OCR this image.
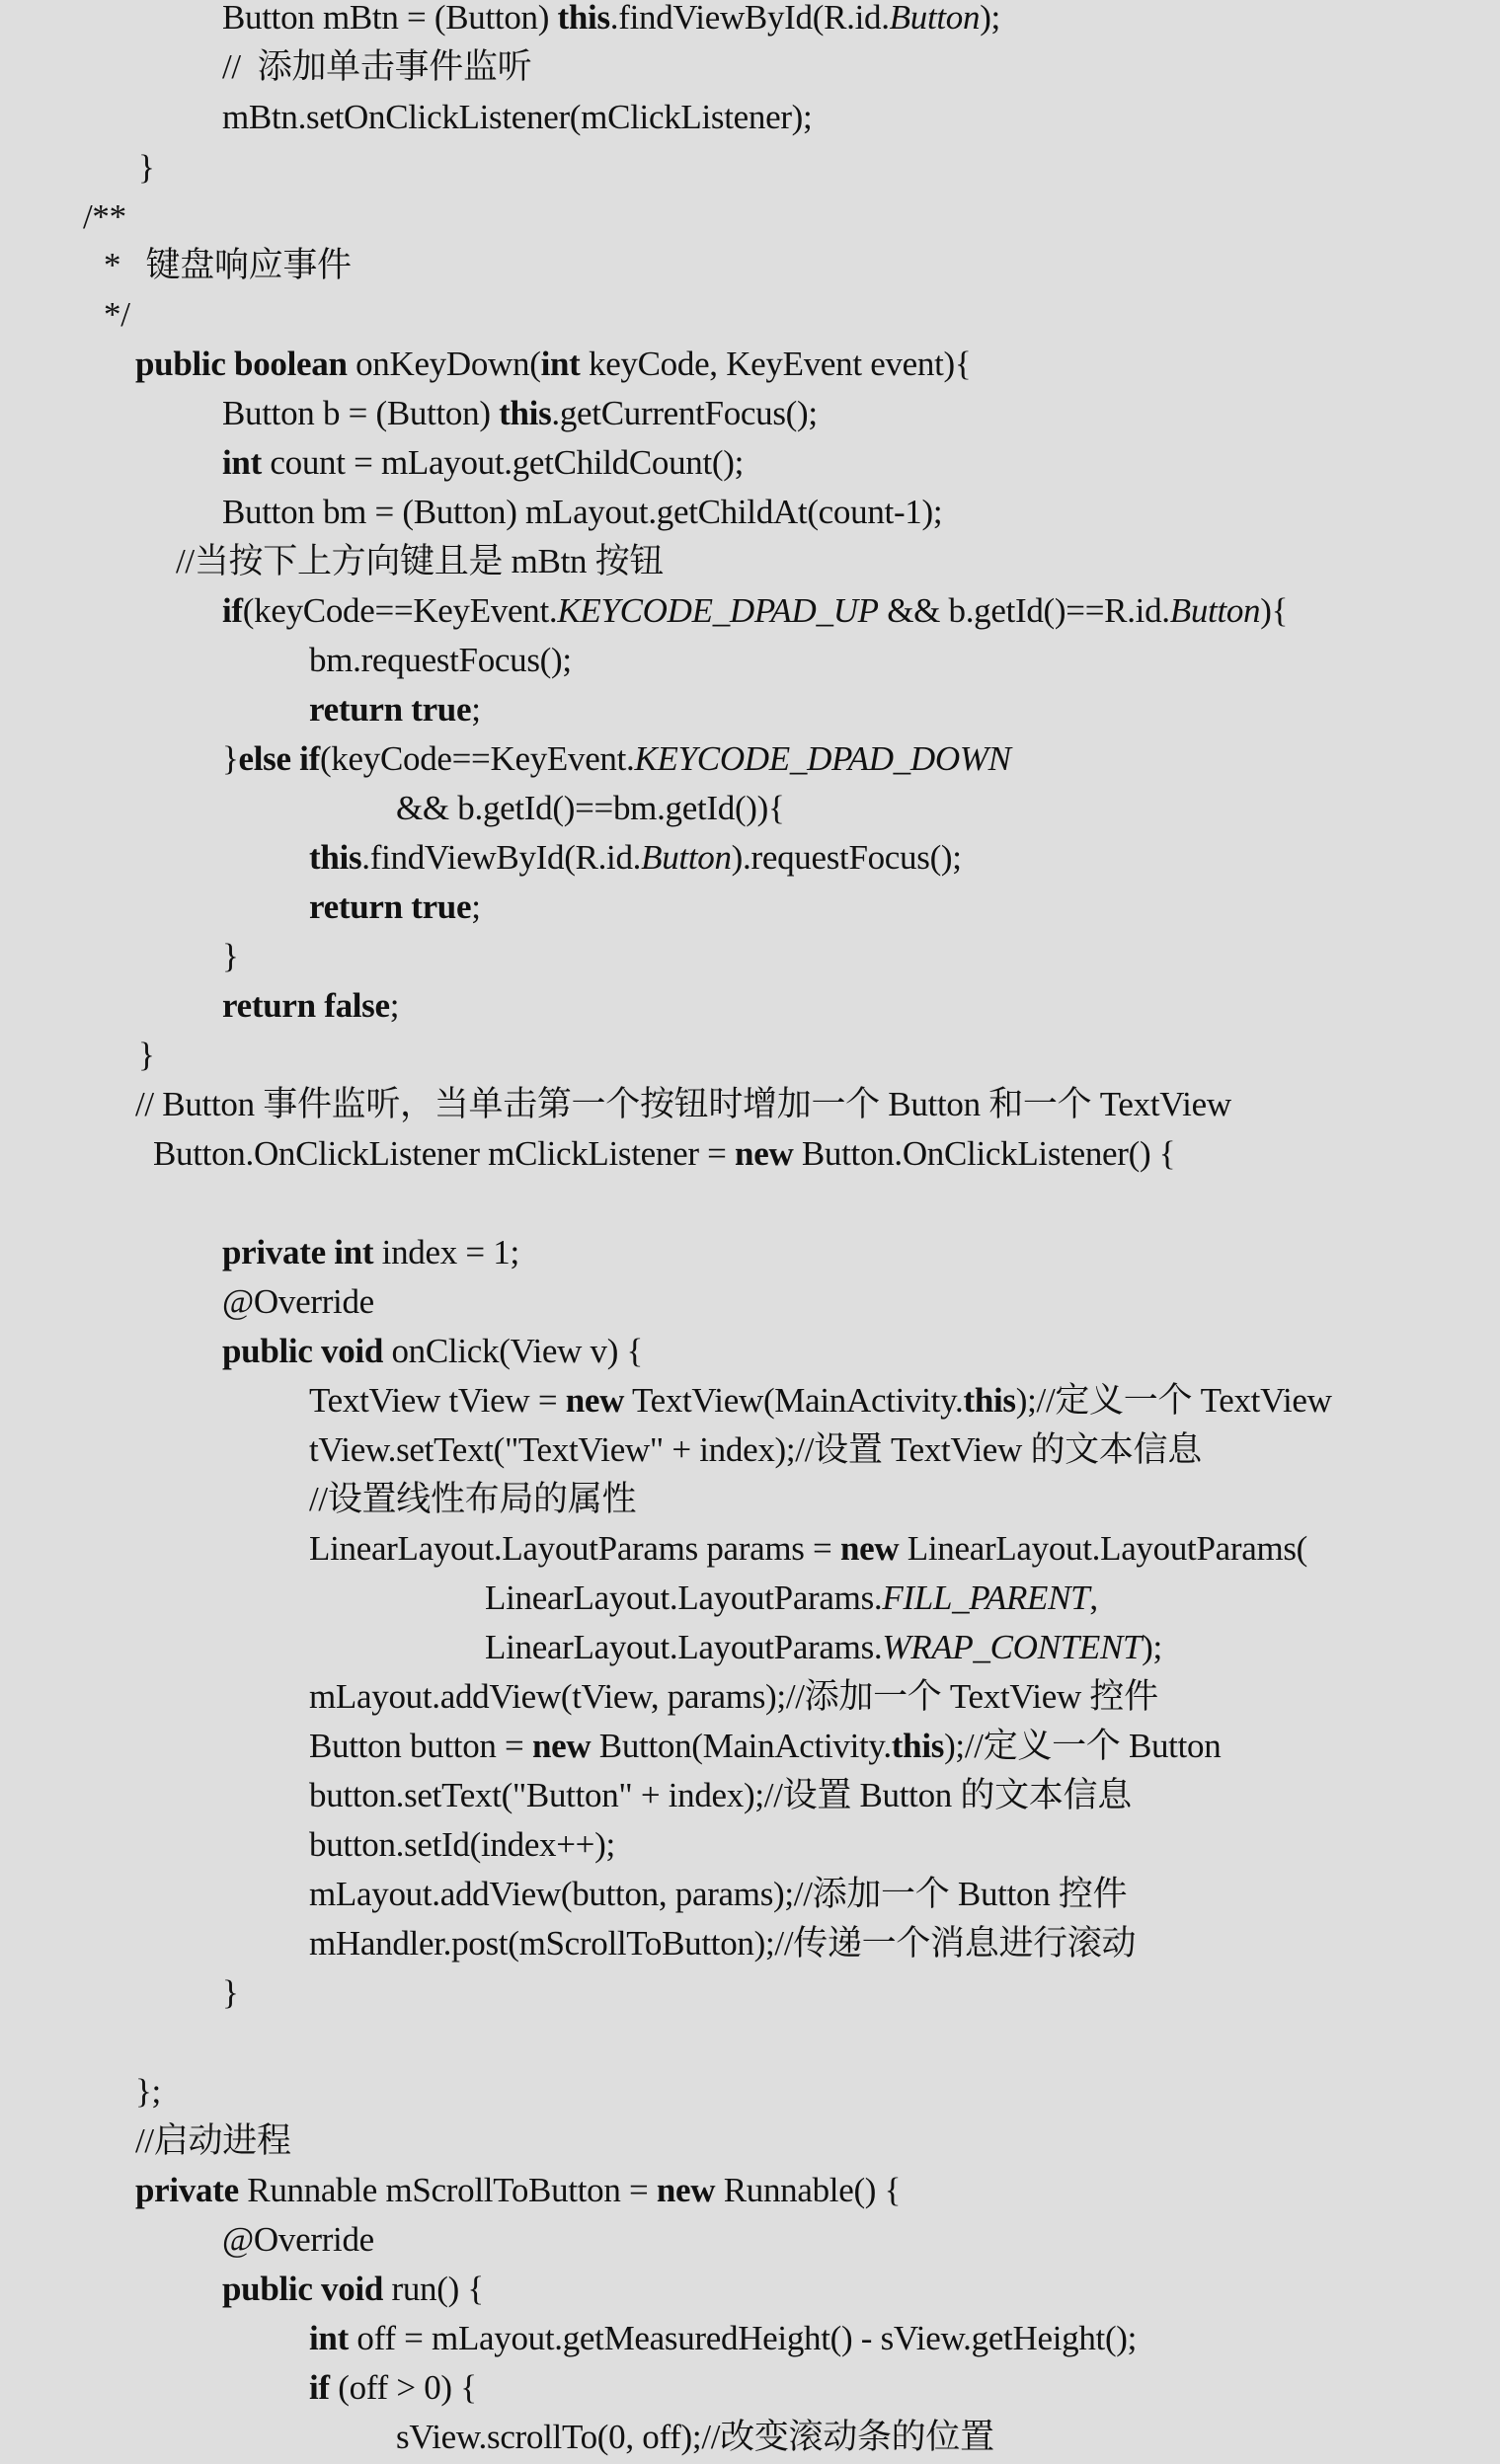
Button mBtn = (Button) this.findViewById(R.id.Button);
//  添加单击事件监听
mBtn.setOnClickListener(mClickListener);
}
/**
*   键盘响应事件
*/
public boolean onKeyDown(int keyCode, KeyEvent event){
Button b = (Button) this.getCurrentFocus();
int count = mLayout.getChildCount();
Button bm = (Button) mLayout.getChildAt(count-1);
//当按下上方向键且是 mBtn 按钮
if(keyCode==KeyEvent.KEYCODE_DPAD_UP && b.getId()==R.id.Button){
bm.requestFocus();
return true;
}else if(keyCode==KeyEvent.KEYCODE_DPAD_DOWN
&& b.getId()==bm.getId()){
this.findViewById(R.id.Button).requestFocus();
return true;
}
return false;
}
// Button 事件监听，当单击第一个按钮时增加一个 Button 和一个 TextView
Button.OnClickListener mClickListener = new Button.OnClickListener() {
private int index = 1;
@Override
public void onClick(View v) {
TextView tView = new TextView(MainActivity.this);//定义一个 TextView
tView.setText("TextView" + index);//设置 TextView 的文本信息
//设置线性布局的属性
LinearLayout.LayoutParams params = new LinearLayout.LayoutParams(
LinearLayout.LayoutParams.FILL_PARENT,
LinearLayout.LayoutParams.WRAP_CONTENT);
mLayout.addView(tView, params);//添加一个 TextView 控件
Button button = new Button(MainActivity.this);//定义一个 Button
button.setText("Button" + index);//设置 Button 的文本信息
button.setId(index++);
mLayout.addView(button, params);//添加一个 Button 控件
mHandler.post(mScrollToButton);//传递一个消息进行滚动
}
};
//启动进程
private Runnable mScrollToButton = new Runnable() {
@Override
public void run() {
int off = mLayout.getMeasuredHeight() - sView.getHeight();
if (off > 0) {
sView.scrollTo(0, off);//改变滚动条的位置
